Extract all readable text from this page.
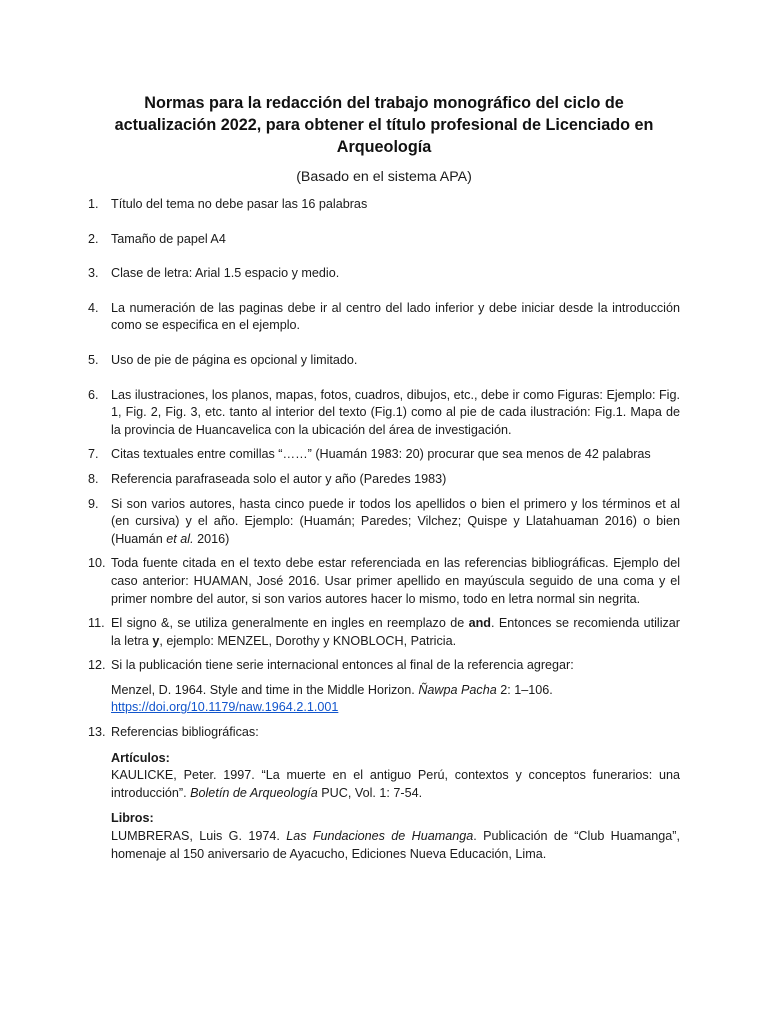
Normas para la redacción del trabajo monográfico del ciclo de
actualización 2022, para obtener el título profesional de Licenciado en
Arqueología

(Basado en el sistema APA)

1. Título del tema no debe pasar las 16 palabras
2. Tamaño de papel A4
3. Clase de letra: Arial 1.5 espacio y medio.
4. La numeración de las paginas debe ir al centro del lado inferior y debe iniciar desde la introducción como se especifica en el ejemplo.
5. Uso de pie de página es opcional y limitado.
6. Las ilustraciones, los planos, mapas, fotos, cuadros, dibujos, etc., debe ir como Figuras: Ejemplo: Fig. 1, Fig. 2, Fig. 3, etc. tanto al interior del texto (Fig.1) como al pie de cada ilustración: Fig.1. Mapa de la provincia de Huancavelica con la ubicación del área de investigación.
7. Citas textuales entre comillas “……” (Huamán 1983: 20) procurar que sea menos de 42 palabras
8. Referencia parafraseada solo el autor y año (Paredes 1983)
9. Si son varios autores, hasta cinco puede ir todos los apellidos o bien el primero y los términos et al (en cursiva) y el año. Ejemplo: (Huamán; Paredes; Vilchez; Quispe y Llatahuaman 2016) o bien (Huamán et al. 2016)
10. Toda fuente citada en el texto debe estar referenciada en las referencias bibliográficas. Ejemplo del caso anterior: HUAMAN, José 2016. Usar primer apellido en mayúscula seguido de una coma y el primer nombre del autor, si son varios autores hacer lo mismo, todo en letra normal sin negrita.
11. El signo &, se utiliza generalmente en ingles en reemplazo de and. Entonces se recomienda utilizar la letra y, ejemplo: MENZEL, Dorothy y KNOBLOCH, Patricia.
12. Si la publicación tiene serie internacional entonces al final de la referencia agregar:
Menzel, D. 1964. Style and time in the Middle Horizon. Ñawpa Pacha 2: 1–106.
https://doi.org/10.1179/naw.1964.2.1.001
13. Referencias bibliográficas:
Artículos:
KAULICKE, Peter. 1997. “La muerte en el antiguo Perú, contextos y conceptos funerarios: una introducción”. Boletín de Arqueología PUC, Vol. 1: 7-54.
Libros:
LUMBRERAS, Luis G. 1974. Las Fundaciones de Huamanga. Publicación de “Club Huamanga”, homenaje al 150 aniversario de Ayacucho, Ediciones Nueva Educación, Lima.
